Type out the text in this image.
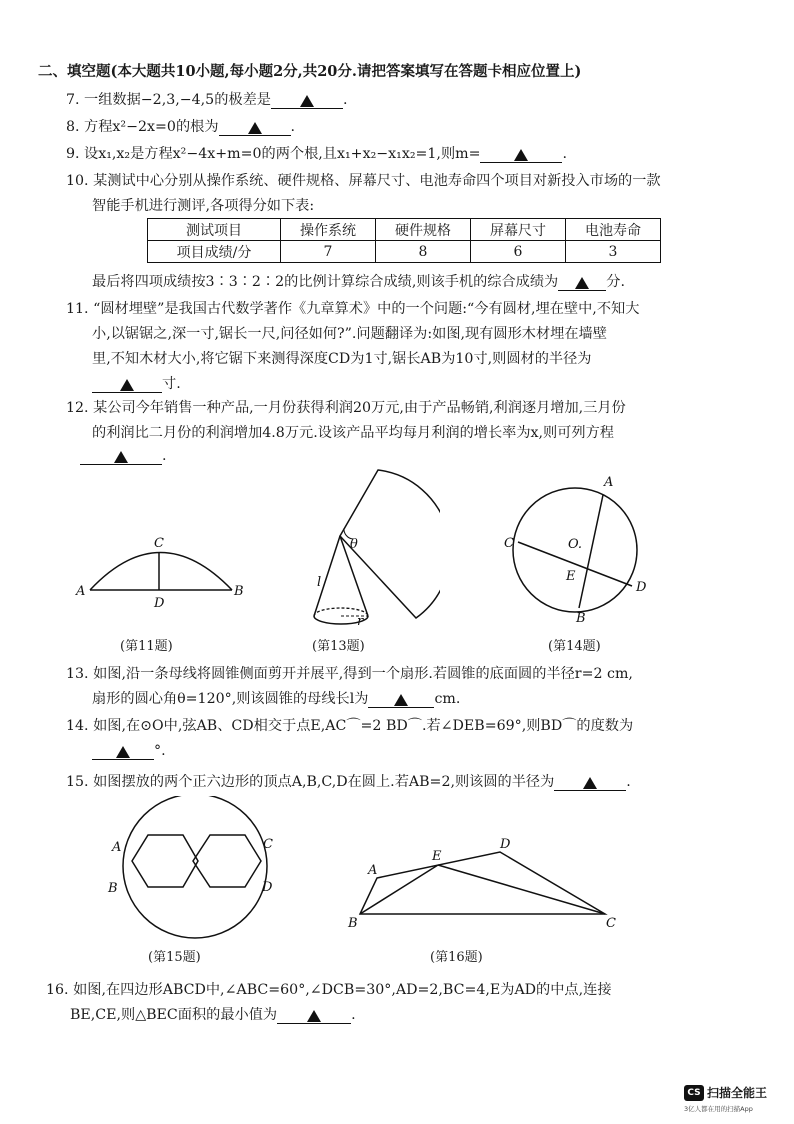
二、填空题(本大题共10小题,每小题2分,共20分.请把答案填写在答题卡相应位置上)
7. 一组数据−2,3,−4,5的极差是	.
8. 方程x²−2x=0的根为	.
9. 设x₁,x₂是方程x²−4x+m=0的两个根,且x₁+x₂−x₁x₂=1,则m=	.
10. 某测试中心分别从操作系统、硬件规格、屏幕尺寸、电池寿命四个项目对新投入市场的一款
智能手机进行测评,各项得分如下表:
测试项目	操作系统	硬件规格	屏幕尺寸	电池寿命
项目成绩/分	7	8	6	3
最后将四项成绩按3∶3∶2∶2的比例计算综合成绩,则该手机的综合成绩为	分.
11. “圆材埋壁”是我国古代数学著作《九章算术》中的一个问题:“今有圆材,埋在壁中,不知大
小,以锯锯之,深一寸,锯长一尺,问径如何?”.问题翻译为:如图,现有圆形木材埋在墙壁
里,不知木材大小,将它锯下来测得深度CD为1寸,锯长AB为10寸,则圆材的半径为
寸.
12. 某公司今年销售一种产品,一月份获得利润20万元,由于产品畅销,利润逐月增加,三月份
的利润比二月份的利润增加4.8万元.设该产品平均每月利润的增长率为x,则可列方程
.
A	B
C
D
(第11题)
θ
l
r
(第13题)
A
B
C
D
E
O.
(第14题)
13. 如图,沿一条母线将圆锥侧面剪开并展平,得到一个扇形.若圆锥的底面圆的半径r=2 cm,
扇形的圆心角θ=120°,则该圆锥的母线长l为	cm.
14. 如图,在⊙O中,弦AB、CD相交于点E,AC⌒=2 BD⌒.若∠DEB=69°,则BD⌒的度数为
°.
15. 如图摆放的两个正六边形的顶点A,B,C,D在圆上.若AB=2,则该圆的半径为	.
A
B
C
D
(第15题)
A
B	C
D
E
(第16题)
16. 如图,在四边形ABCD中,∠ABC=60°,∠DCB=30°,AD=2,BC=4,E为AD的中点,连接
BE,CE,则△BEC面积的最小值为	.
CS 扫描全能王
3亿人都在用的扫描App
